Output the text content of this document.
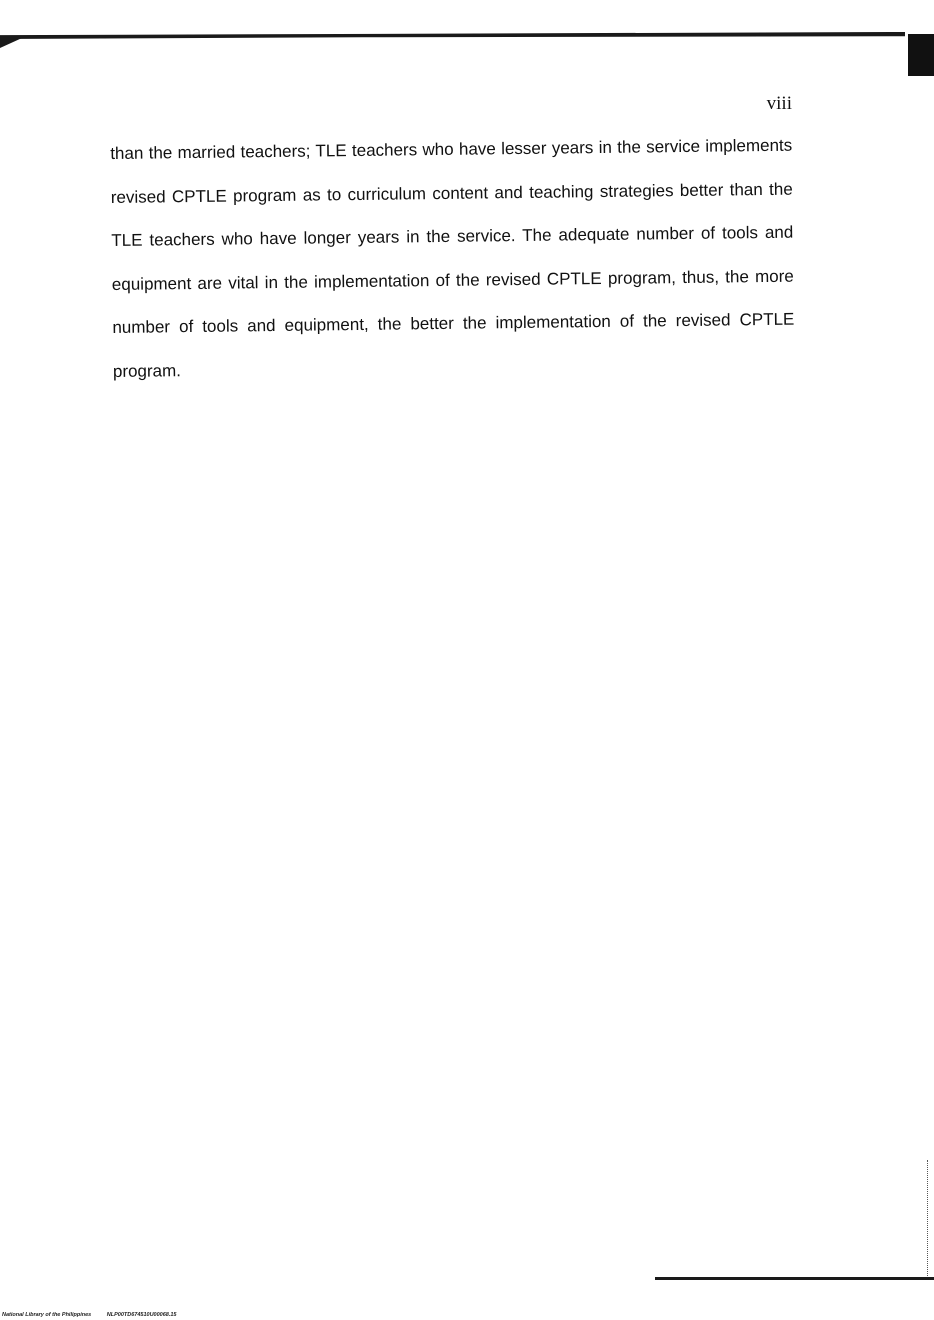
viii

than the married teachers; TLE teachers who have lesser years in the service implements revised CPTLE program as to curriculum content and teaching strategies better than the TLE teachers who have longer years in the service. The adequate number of tools and equipment are vital in the implementation of the revised CPTLE program, thus, the more number of tools and equipment, the better the implementation of the revised CPTLE program.

National Library of the Philippines	NLP00TD674510U00068.15
